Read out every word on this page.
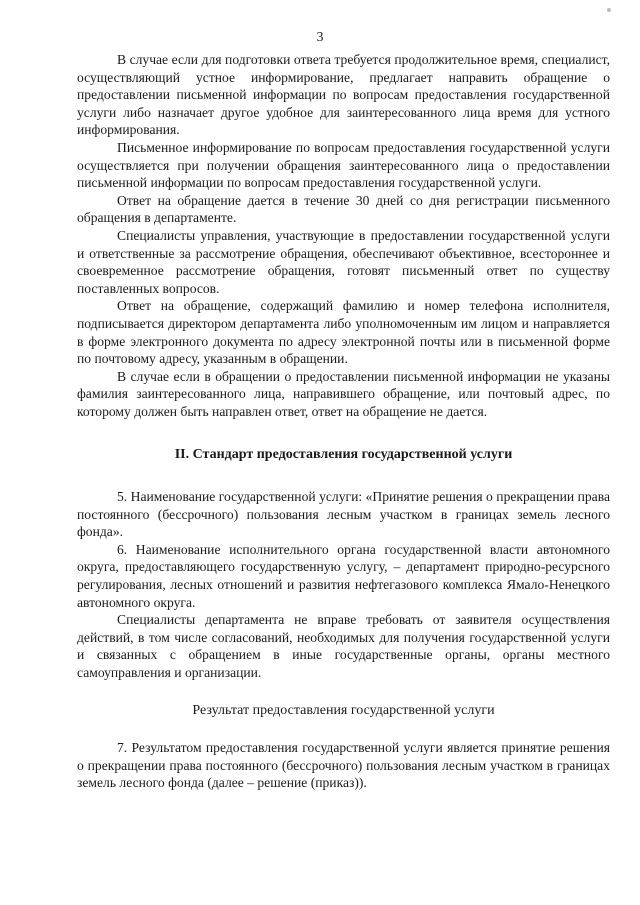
3

В случае если для подготовки ответа требуется продолжительное время, специалист, осуществляющий устное информирование, предлагает направить обращение о предоставлении письменной информации по вопросам предоставления государственной услуги либо назначает другое удобное для заинтересованного лица время для устного информирования.

Письменное информирование по вопросам предоставления государственной услуги осуществляется при получении обращения заинтересованного лица о предоставлении письменной информации по вопросам предоставления государственной услуги.

Ответ на обращение дается в течение 30 дней со дня регистрации письменного обращения в департаменте.

Специалисты управления, участвующие в предоставлении государственной услуги и ответственные за рассмотрение обращения, обеспечивают объективное, всестороннее и своевременное рассмотрение обращения, готовят письменный ответ по существу поставленных вопросов.

Ответ на обращение, содержащий фамилию и номер телефона исполнителя, подписывается директором департамента либо уполномоченным им лицом и направляется в форме электронного документа по адресу электронной почты или в письменной форме по почтовому адресу, указанным в обращении.

В случае если в обращении о предоставлении письменной информации не указаны фамилия заинтересованного лица, направившего обращение, или почтовый адрес, по которому должен быть направлен ответ, ответ на обращение не дается.

II. Стандарт предоставления государственной услуги

5. Наименование государственной услуги: «Принятие решения о прекращении права постоянного (бессрочного) пользования лесным участком в границах земель лесного фонда».

6. Наименование исполнительного органа государственной власти автономного округа, предоставляющего государственную услугу, – департамент природно-ресурсного регулирования, лесных отношений и развития нефтегазового комплекса Ямало-Ненецкого автономного округа.

Специалисты департамента не вправе требовать от заявителя осуществления действий, в том числе согласований, необходимых для получения государственной услуги и связанных с обращением в иные государственные органы, органы местного самоуправления и организации.

Результат предоставления государственной услуги

7. Результатом предоставления государственной услуги является принятие решения о прекращении права постоянного (бессрочного) пользования лесным участком в границах земель лесного фонда (далее – решение (приказ)).
